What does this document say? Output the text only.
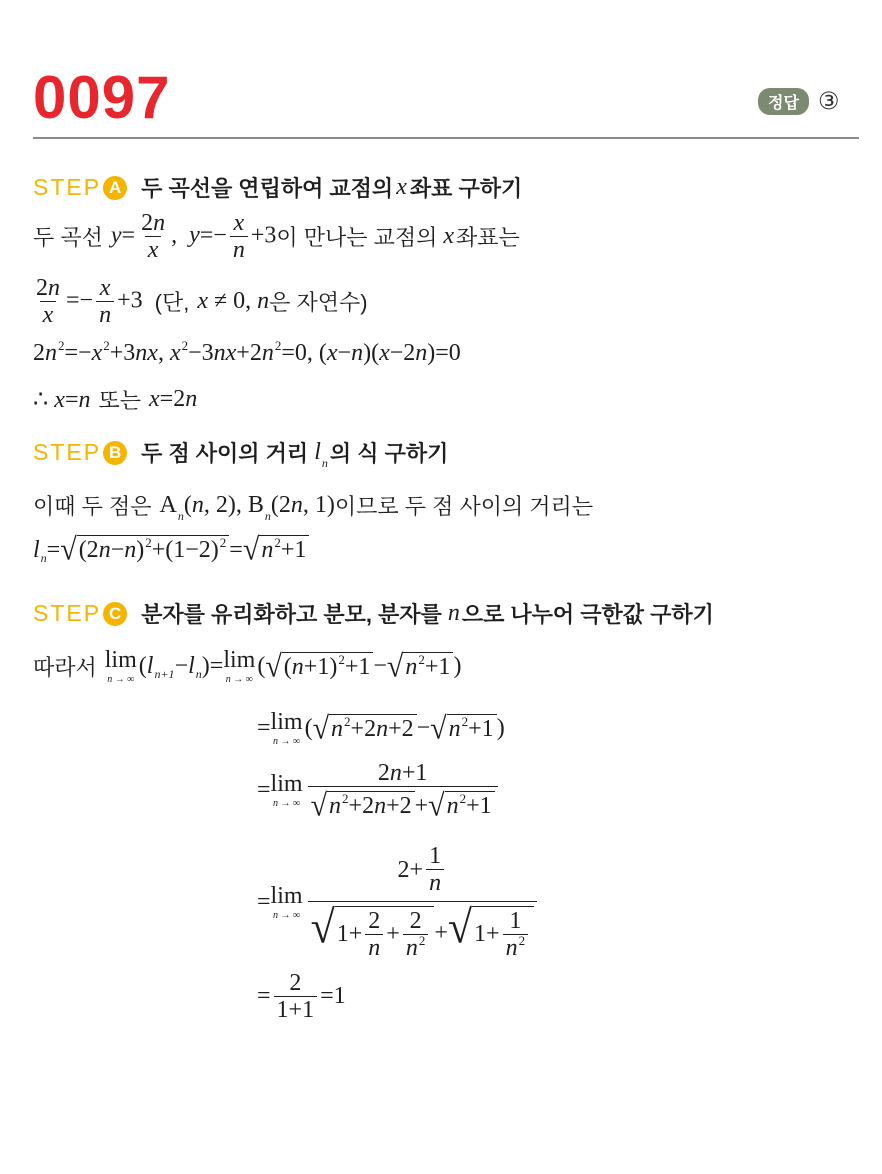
0097	정답 ③
STEP A 두 곡선을 연립하여 교점의 x 좌표 구하기
두 곡선 $y= \frac{2n}{x}$ , $y=- \frac{x}{n} +3$ 이 만나는 교점의 x 좌표는
$\frac{2n}{x} =- \frac{x}{n} +3$ (단, x ≠ 0, n 은 자연수)
$2n^2=-x^2+3nx$, $x^2-3nx+2n^2=0$, (x−n)(x−2n)=0
∴ x=n 또는 x=2n
STEP B 두 점 사이의 거리 $l_n$ 의 식 구하기
이때 두 점은 $A_n(n$, 2), $B_n(2n$, 1) 이므로 두 점 사이의 거리는
l n = √ $(2n-n)^2+(1-2)^2$ = √ $n^2+1$
STEP C 분자를 유리화하고 분모, 분자를 n 으로 나누어 극한값 구하기
따라서 lim
n → ∞
( l n+1 − l n )= lim
n → ∞
( √ $(n+1)^2+1$ − √ $n^2+1$ )
= lim
n → ∞
( √ $n^2+2n+2$ − √ $n^2+1$ )
= lim
n → ∞ $\frac{2n+1}{√ n^2+2n+2 + √ n^2+1}$
= lim
n → ∞ $\frac{2+ \frac{1}{n}}{√ 1+ \frac{2}{n} + \frac{2}{n^2} + √ 1+ \frac{1}{n^2}}$
= $\frac{2}{1+1} =1$
